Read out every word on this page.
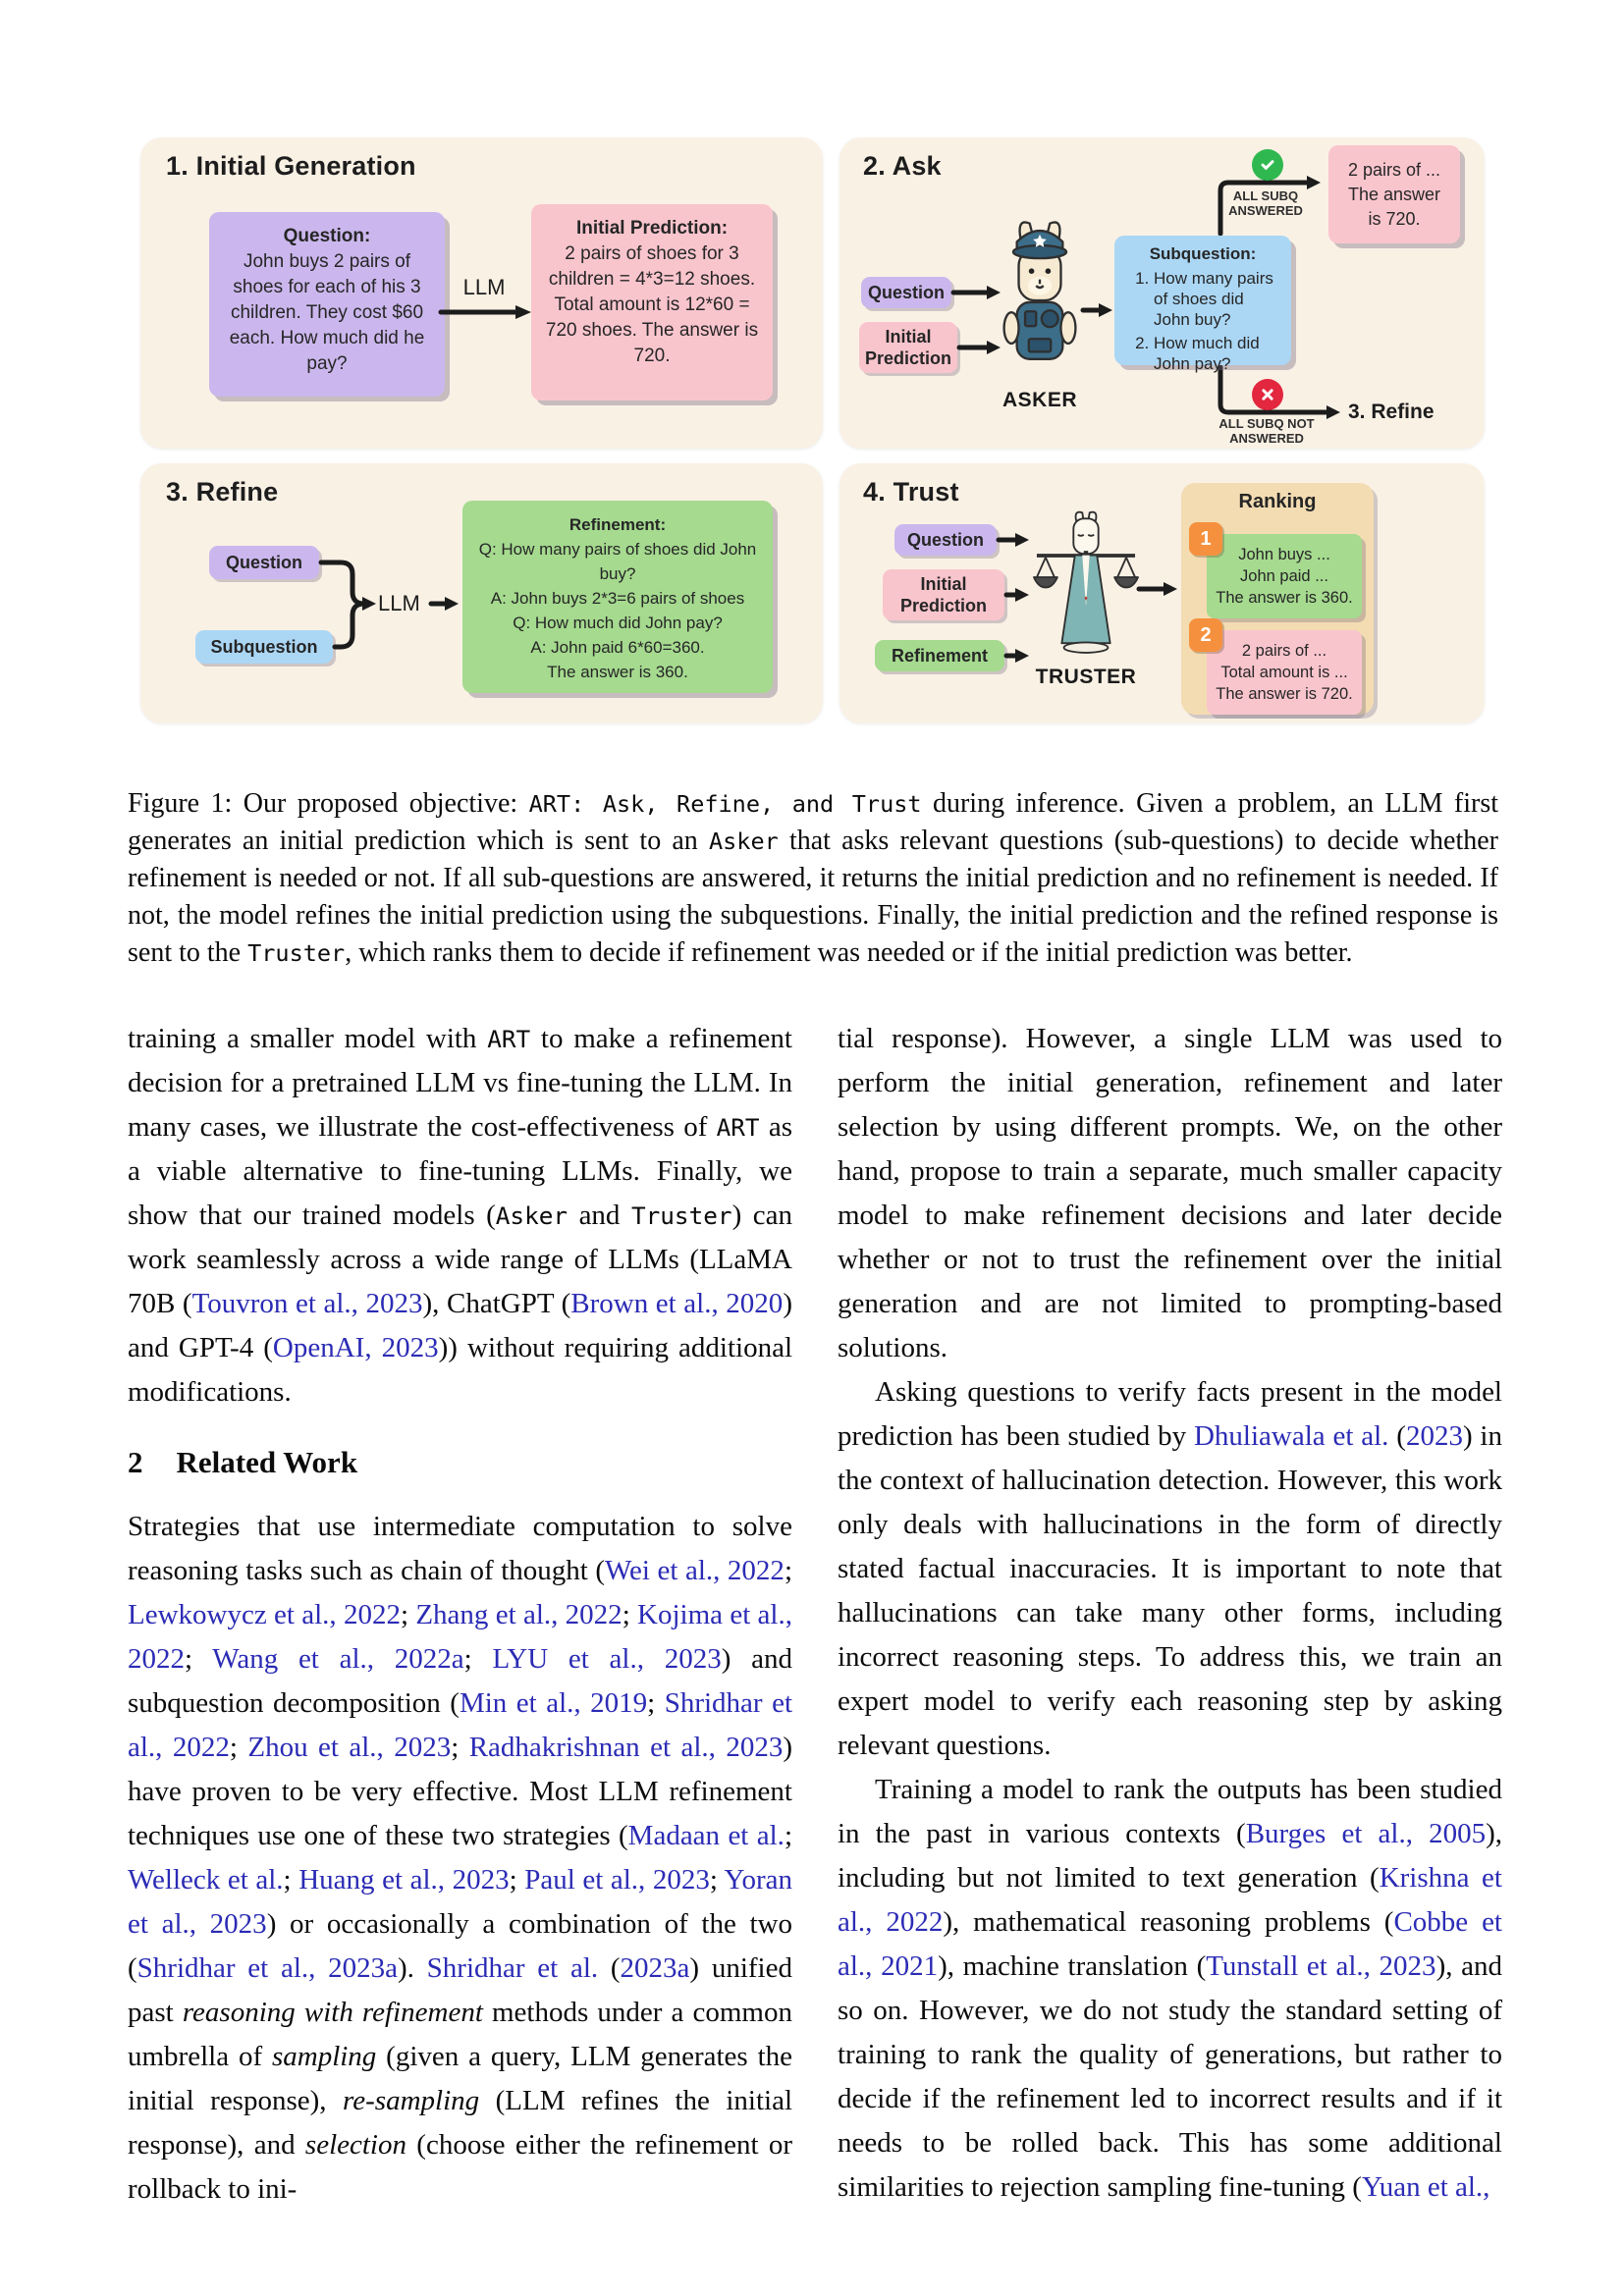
1. Initial Generation
Question:
John buys 2 pairs of shoes for each of his 3 children. They cost $60 each. How much did he pay?
LLM
Initial Prediction:
2 pairs of shoes for 3 children = 4*3=12 shoes. Total amount is 12*60 = 720 shoes. The answer is 720.
2. Ask
Question
Initial Prediction
ASKER
Subquestion:
1. How many pairs of shoes did John buy?
2. How much did John pay?
ALL SUBQ ANSWERED
2 pairs of ...
The answer is 720.
ALL SUBQ NOT ANSWERED
3. Refine
3. Refine
Question
Subquestion
LLM
Refinement:
Q: How many pairs of shoes did John buy?
A: John buys 2*3=6 pairs of shoes
Q: How much did John pay?
A: John paid 6*60=360.
The answer is 360.
4. Trust
Question
Initial Prediction
Refinement
TRUSTER
Ranking
1
John buys ...
John paid ...
The answer is 360.
2
2 pairs of ...
Total amount is ...
The answer is 720.

Figure 1: Our proposed objective: ART: Ask, Refine, and Trust during inference. Given a problem, an LLM first generates an initial prediction which is sent to an Asker that asks relevant questions (sub-questions) to decide whether refinement is needed or not. If all sub-questions are answered, it returns the initial prediction and no refinement is needed. If not, the model refines the initial prediction using the subquestions. Finally, the initial prediction and the refined response is sent to the Truster, which ranks them to decide if refinement was needed or if the initial prediction was better.

training a smaller model with ART to make a refinement decision for a pretrained LLM vs fine-tuning the LLM. In many cases, we illustrate the cost-effectiveness of ART as a viable alternative to fine-tuning LLMs. Finally, we show that our trained models (Asker and Truster) can work seamlessly across a wide range of LLMs (LLaMA 70B (Touvron et al., 2023), ChatGPT (Brown et al., 2020) and GPT-4 (OpenAI, 2023)) without requiring additional modifications.

2 Related Work

Strategies that use intermediate computation to solve reasoning tasks such as chain of thought (Wei et al., 2022; Lewkowycz et al., 2022; Zhang et al., 2022; Kojima et al., 2022; Wang et al., 2022a; LYU et al., 2023) and subquestion decomposition (Min et al., 2019; Shridhar et al., 2022; Zhou et al., 2023; Radhakrishnan et al., 2023) have proven to be very effective. Most LLM refinement techniques use one of these two strategies (Madaan et al.; Welleck et al.; Huang et al., 2023; Paul et al., 2023; Yoran et al., 2023) or occasionally a combination of the two (Shridhar et al., 2023a). Shridhar et al. (2023a) unified past reasoning with refinement methods under a common umbrella of sampling (given a query, LLM generates the initial response), re-sampling (LLM refines the initial response), and selection (choose either the refinement or rollback to ini-

tial response). However, a single LLM was used to perform the initial generation, refinement and later selection by using different prompts. We, on the other hand, propose to train a separate, much smaller capacity model to make refinement decisions and later decide whether or not to trust the refinement over the initial generation and are not limited to prompting-based solutions.

Asking questions to verify facts present in the model prediction has been studied by Dhuliawala et al. (2023) in the context of hallucination detection. However, this work only deals with hallucinations in the form of directly stated factual inaccuracies. It is important to note that hallucinations can take many other forms, including incorrect reasoning steps. To address this, we train an expert model to verify each reasoning step by asking relevant questions.

Training a model to rank the outputs has been studied in the past in various contexts (Burges et al., 2005), including but not limited to text generation (Krishna et al., 2022), mathematical reasoning problems (Cobbe et al., 2021), machine translation (Tunstall et al., 2023), and so on. However, we do not study the standard setting of training to rank the quality of generations, but rather to decide if the refinement led to incorrect results and if it needs to be rolled back. This has some additional similarities to rejection sampling fine-tuning (Yuan et al.,
